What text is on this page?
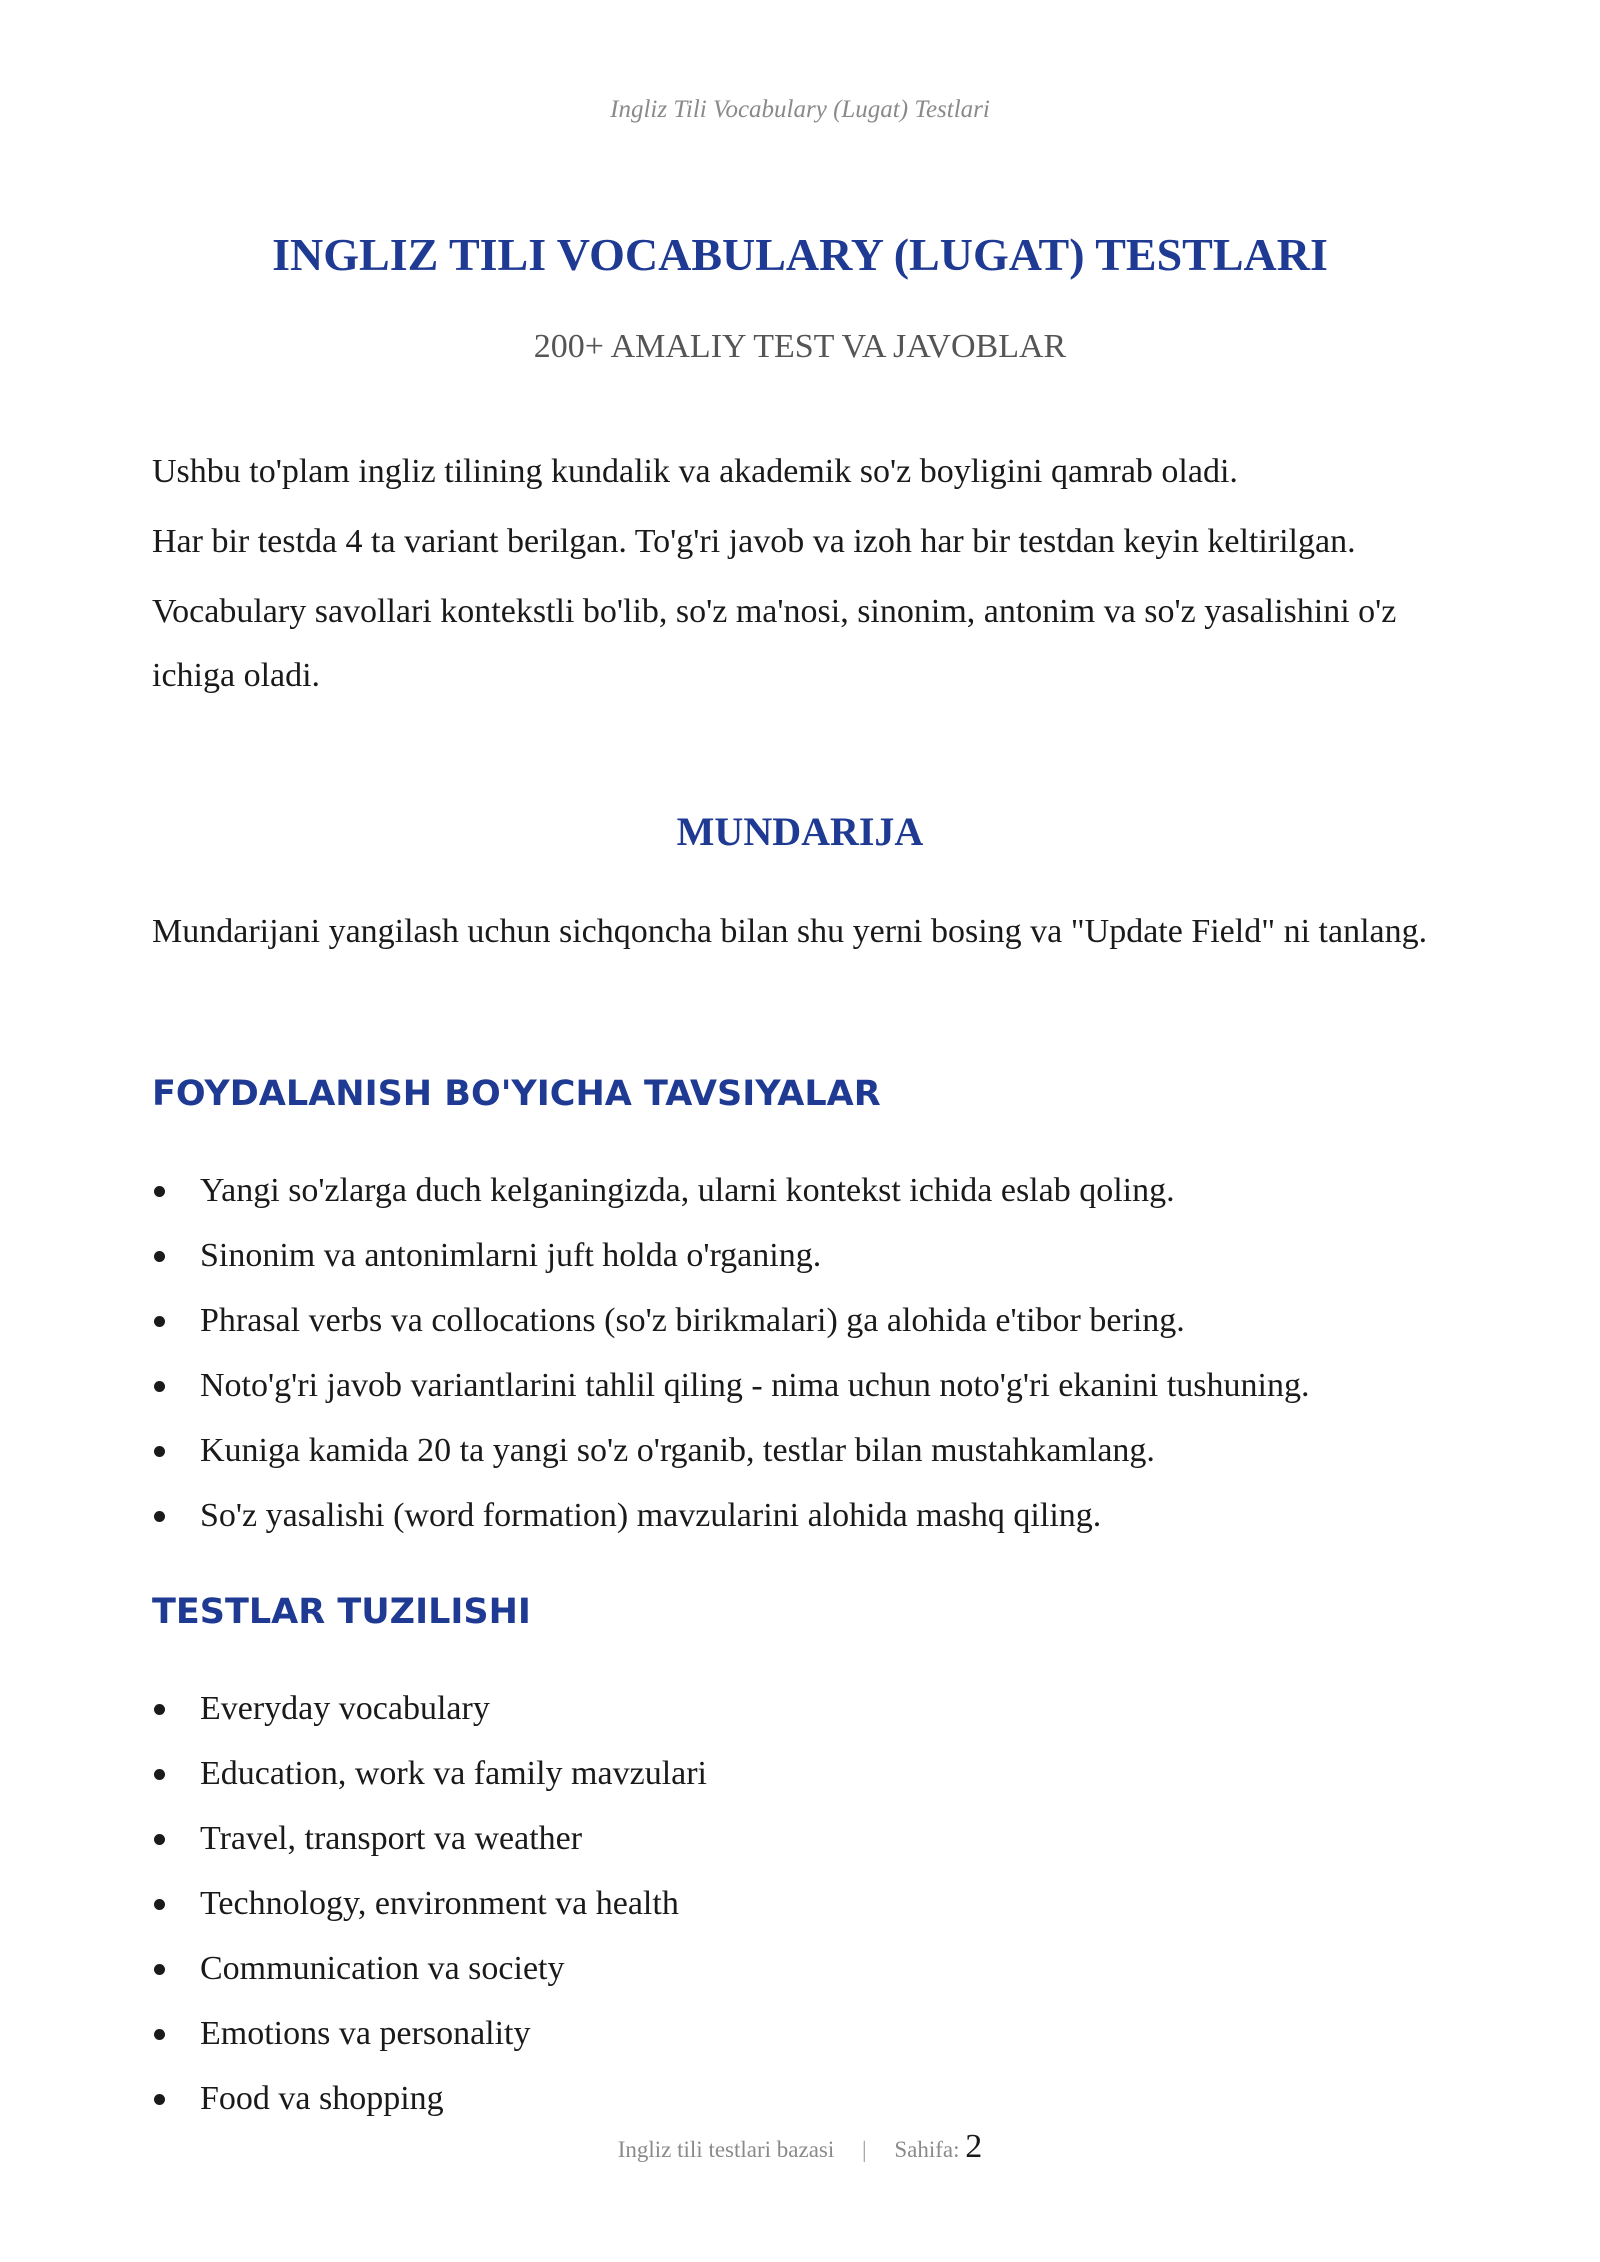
Ingliz Tili Vocabulary (Lugat) Testlari
INGLIZ TILI VOCABULARY (LUGAT) TESTLARI
200+ AMALIY TEST VA JAVOBLAR

Ushbu to'plam ingliz tilining kundalik va akademik so'z boyligini qamrab oladi.

Har bir testda 4 ta variant berilgan. To'g'ri javob va izoh har bir testdan keyin keltirilgan.

Vocabulary savollari kontekstli bo'lib, so'z ma'nosi, sinonim, antonim va so'z yasalishini o'z ichiga oladi.

MUNDARIJA

Mundarijani yangilash uchun sichqoncha bilan shu yerni bosing va "Update Field" ni tanlang.

FOYDALANISH BO'YICHA TAVSIYALAR
Yangi so'zlarga duch kelganingizda, ularni kontekst ichida eslab qoling.
Sinonim va antonimlarni juft holda o'rganing.
Phrasal verbs va collocations (so'z birikmalari) ga alohida e'tibor bering.
Noto'g'ri javob variantlarini tahlil qiling - nima uchun noto'g'ri ekanini tushuning.
Kuniga kamida 20 ta yangi so'z o'rganib, testlar bilan mustahkamlang.
So'z yasalishi (word formation) mavzularini alohida mashq qiling.
TESTLAR TUZILISHI
Everyday vocabulary
Education, work va family mavzulari
Travel, transport va weather
Technology, environment va health
Communication va society
Emotions va personality
Food va shopping
Ingliz tili testlari bazasi | Sahifa: 2
